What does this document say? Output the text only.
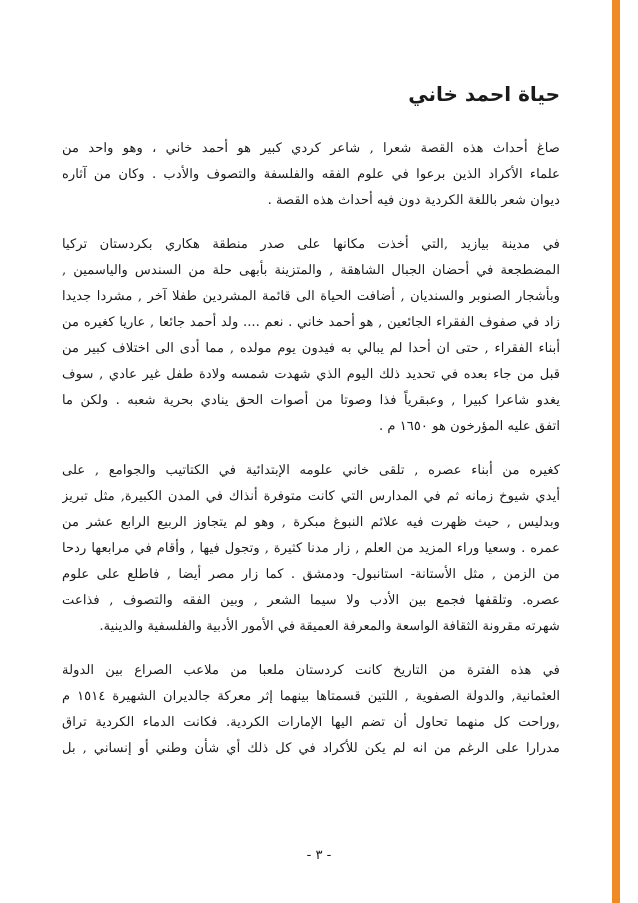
حياة احمد خاني
صاغ أحداث هذه القصة شعرا , شاعر كردي كبير هو أحمد خاني ، وهو واحد من
علماء الأكراد الذين برعوا في علوم الفقه والفلسفة والتصوف والأدب . وكان من آثاره
ديوان شعر باللغة الكردية دون فيه أحداث هذه القصة .
في مدينة بيازيد ,التي أخذت مكانها على صدر منطقة هكاري بكردستان تركيا
المضطجعة في أحضان الجبال الشاهقة , والمتزينة بأبهى حلة من السندس والياسمين ,
وبأشجار الصنوبر والسنديان , أضافت الحياة الى قائمة المشردين طفلا آخر , مشردا جديدا
زاد في صفوف الفقراء الجائعين , هو أحمد خاني . نعم .... ولد أحمد جائعا , عاريا كغيره من
أبناء الفقراء , حتى ان أحدا لم يبالي به فيدون يوم مولده , مما أدى الى اختلاف كبير من
قبل من جاء بعده في تحديد ذلك اليوم الذي شهدت شمسه ولادة طفل غير عادي , سوف
يغدو شاعرا كبيرا , وعبقرياً فذا وصوتا من أصوات الحق ينادي بحرية شعبه . ولكن ما
اتفق عليه المؤرخون هو ١٦٥٠ م .
كغيره من أبناء عصره , تلقى خاني علومه الإبتدائية في الكتاتيب والجوامع , على
أيدي شيوخ زمانه ثم في المدارس التي كانت متوفرة أنذاك في المدن الكبيرة, مثل تبريز
وبدليس , حيث ظهرت فيه علائم النبوغ مبكرة , وهو لم يتجاوز الربيع الرابع عشر من
عمره . وسعيا وراء المزيد من العلم , زار مدنا كثيرة , وتجول فيها , وأقام في مرابعها ردحا
من الزمن , مثل الأستانة- استانبول- ودمشق . كما زار مصر أيضا , فاطلع على علوم
عصره. وتلقفها فجمع بين الأدب ولا سيما الشعر , وبين الفقه والتصوف , فذاعت
شهرته مقرونة الثقافة الواسعة والمعرفة العميقة في الأمور الأدبية والفلسفية والدينية.
في هذه الفترة من التاريخ كانت كردستان ملعبا من ملاعب الصراع بين الدولة
العثمانية, والدولة الصفوية , اللتين قسمتاها بينهما إثر معركة جالديران الشهيرة ١٥١٤ م
,وراحت كل منهما تحاول أن تضم اليها الإمارات الكردية. فكانت الدماء الكردية تراق
مدرارا على الرغم من انه لم يكن للأكراد في كل ذلك أي شأن وطني أو إنساني , بل
- ٣ -
